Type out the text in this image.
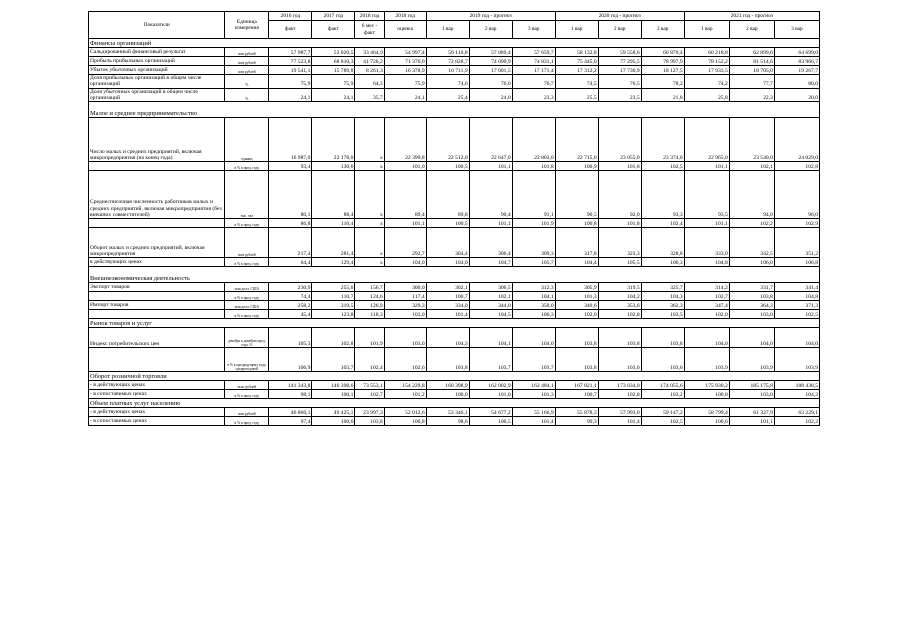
Показатели	Единица измерения	2016 год	2017 год	2018 год	2018 год	2019 год - прогноз			2020 год - прогноз			2021 год - прогноз		
		факт	факт	6 мес - факт	оценка	1 вар	2 вар	3 вар	1 вар	2 вар	3 вар	1 вар	2 вар	3 вар
Финансы организаций														
Сальдированный финансовый результат	млн рублей	57 987,7	53 020,5	33 464,9	54 997,4	56 116,8	57 089,4	57 659,7	58 132,8	59 558,6	60 870,4	60 218,8	62 899,6	64 699,0
Прибыль прибыльных организаций	млн рублей	77 523,8	68 810,3	41 726,2	71 376,0	72 828,7	74 090,9	74 831,1	75 445,0	77 295,5	78 997,9	78 152,2	81 514,6	83 966,7
Убыток убыточных организаций	млн рублей	19 541,1	15 789,8	8 261,3	16 378,9	16 711,9	17 001,5	17 171,4	17 312,2	17 736,9	18 127,5	17 933,5	18 705,0	19 267,7
Доля прибыльных организаций в общем числе организаций	%	75,9	75,9	64,3	75,9	74,6	76,0	76,7	74,5	76,5	78,2	74,2	77,7	80,0
Доля убыточных организаций в общем числе организаций	%	24,1	24,1	35,7	24,1	25,4	24,0	23,3	25,5	23,5	21,8	25,8	22,3	20,0
Малое и среднее предпринимательство														
Число малых и средних предприятий, включая микропредприятия (на конец года)	единиц	16 987,0	22 178,0	x	22 399,8	22 512,0	22 647,0	22 803,0	22 715,0	23 055,0	23 374,0	22 965,0	23 540,0	24 029,0
	в % к пред. году	93,4	130,6	x	101,0	100,5	101,1	101,8	100,9	101,8	102,5	101,1	102,1	102,8
Среднесписочная численность работников малых и средних предприятий, включая микропредприятия (без внешних совместителей)	тыс. чел	80,1	88,4	x	89,4	89,8	90,4	91,1	90,5	92,0	93,3	93,5	94,0	96,0
	в % к пред. году	86,8	110,4	x	101,1	100,5	101,1	101,9	100,8	101,8	102,4	101,1	102,2	102,9
Оборот малых и средних предприятий, включая микропредприятия	млн рублей	217,4	281,4	x	292,7	304,4	306,4	309,3	317,8	323,3	328,8	333,0	342,5	351,2
в действующих ценах	в % к пред. году	64,4	129,4	x	104,0	104,0	104,7	105,7	104,4	105,5	106,3	104,8	106,0	106,8
Внешнеэкономическая деятельность														
Экспорт товаров	млн долл. США	230,9	255,6	156,7	300,0	302,1	306,5	312,3	305,9	319,5	325,7	314,2	331,7	341,4
	в % к пред. году	74,4	110,7	124,6	117,4	100,7	102,1	104,1	101,3	104,2	104,3	102,7	103,8	104,8
Импорт товаров	млн долл. США	258,2	319,5	126,9	329,3	334,0	344,0	350,0	340,6	353,6	362,3	347,4	364,3	371,3
	в % к пред. году	45,4	123,8	118,3	103,0	101,4	104,5	106,3	102,0	102,8	103,5	102,0	103,0	102,5
Рынок товаров и услуг														
Индекс потребительских цен	декабрь к декабрю пред. года, %	105,3	102,8	101,9	103,0	104,3	104,1	104,0	103,8	103,8	103,8	104,0	104,0	104,0
	в % к предыдущему году, среднегодовой	106,9	103,7	102,4	102,6	103,8	103,7	103,7	103,8	103,6	103,6	103,9	103,9	103,9
Оборот розничной торговли														
- в действующих ценах	млн. рублей	141 343,8	146 398,6	73 553,1	154 229,8	160 398,9	162 002,9	162 484,1	167 821,1	173 034,0	174 055,6	175 930,2	185 175,8	188 438,5
- в сопоставимых ценах	в % к пред. году	98,1	100,1	102,7	101,2	100,0	101,0	101,3	100,7	102,8	103,2	100,8	103,0	104,3
Объем платных услуг населению														
- в действующих ценах	млн рублей	46 866,1	49 425,1	23 997,3	52 012,6	53 346,1	54 677,2	55 166,9	55 878,3	57 993,0	59 147,2	58 799,4	61 327,9	63 229,1
- в сопоставимых ценах	в % к пред. году	97,4	100,6	103,8	100,8	98,6	100,5	101,4	99,3	101,4	102,5	100,6	101,1	102,2
